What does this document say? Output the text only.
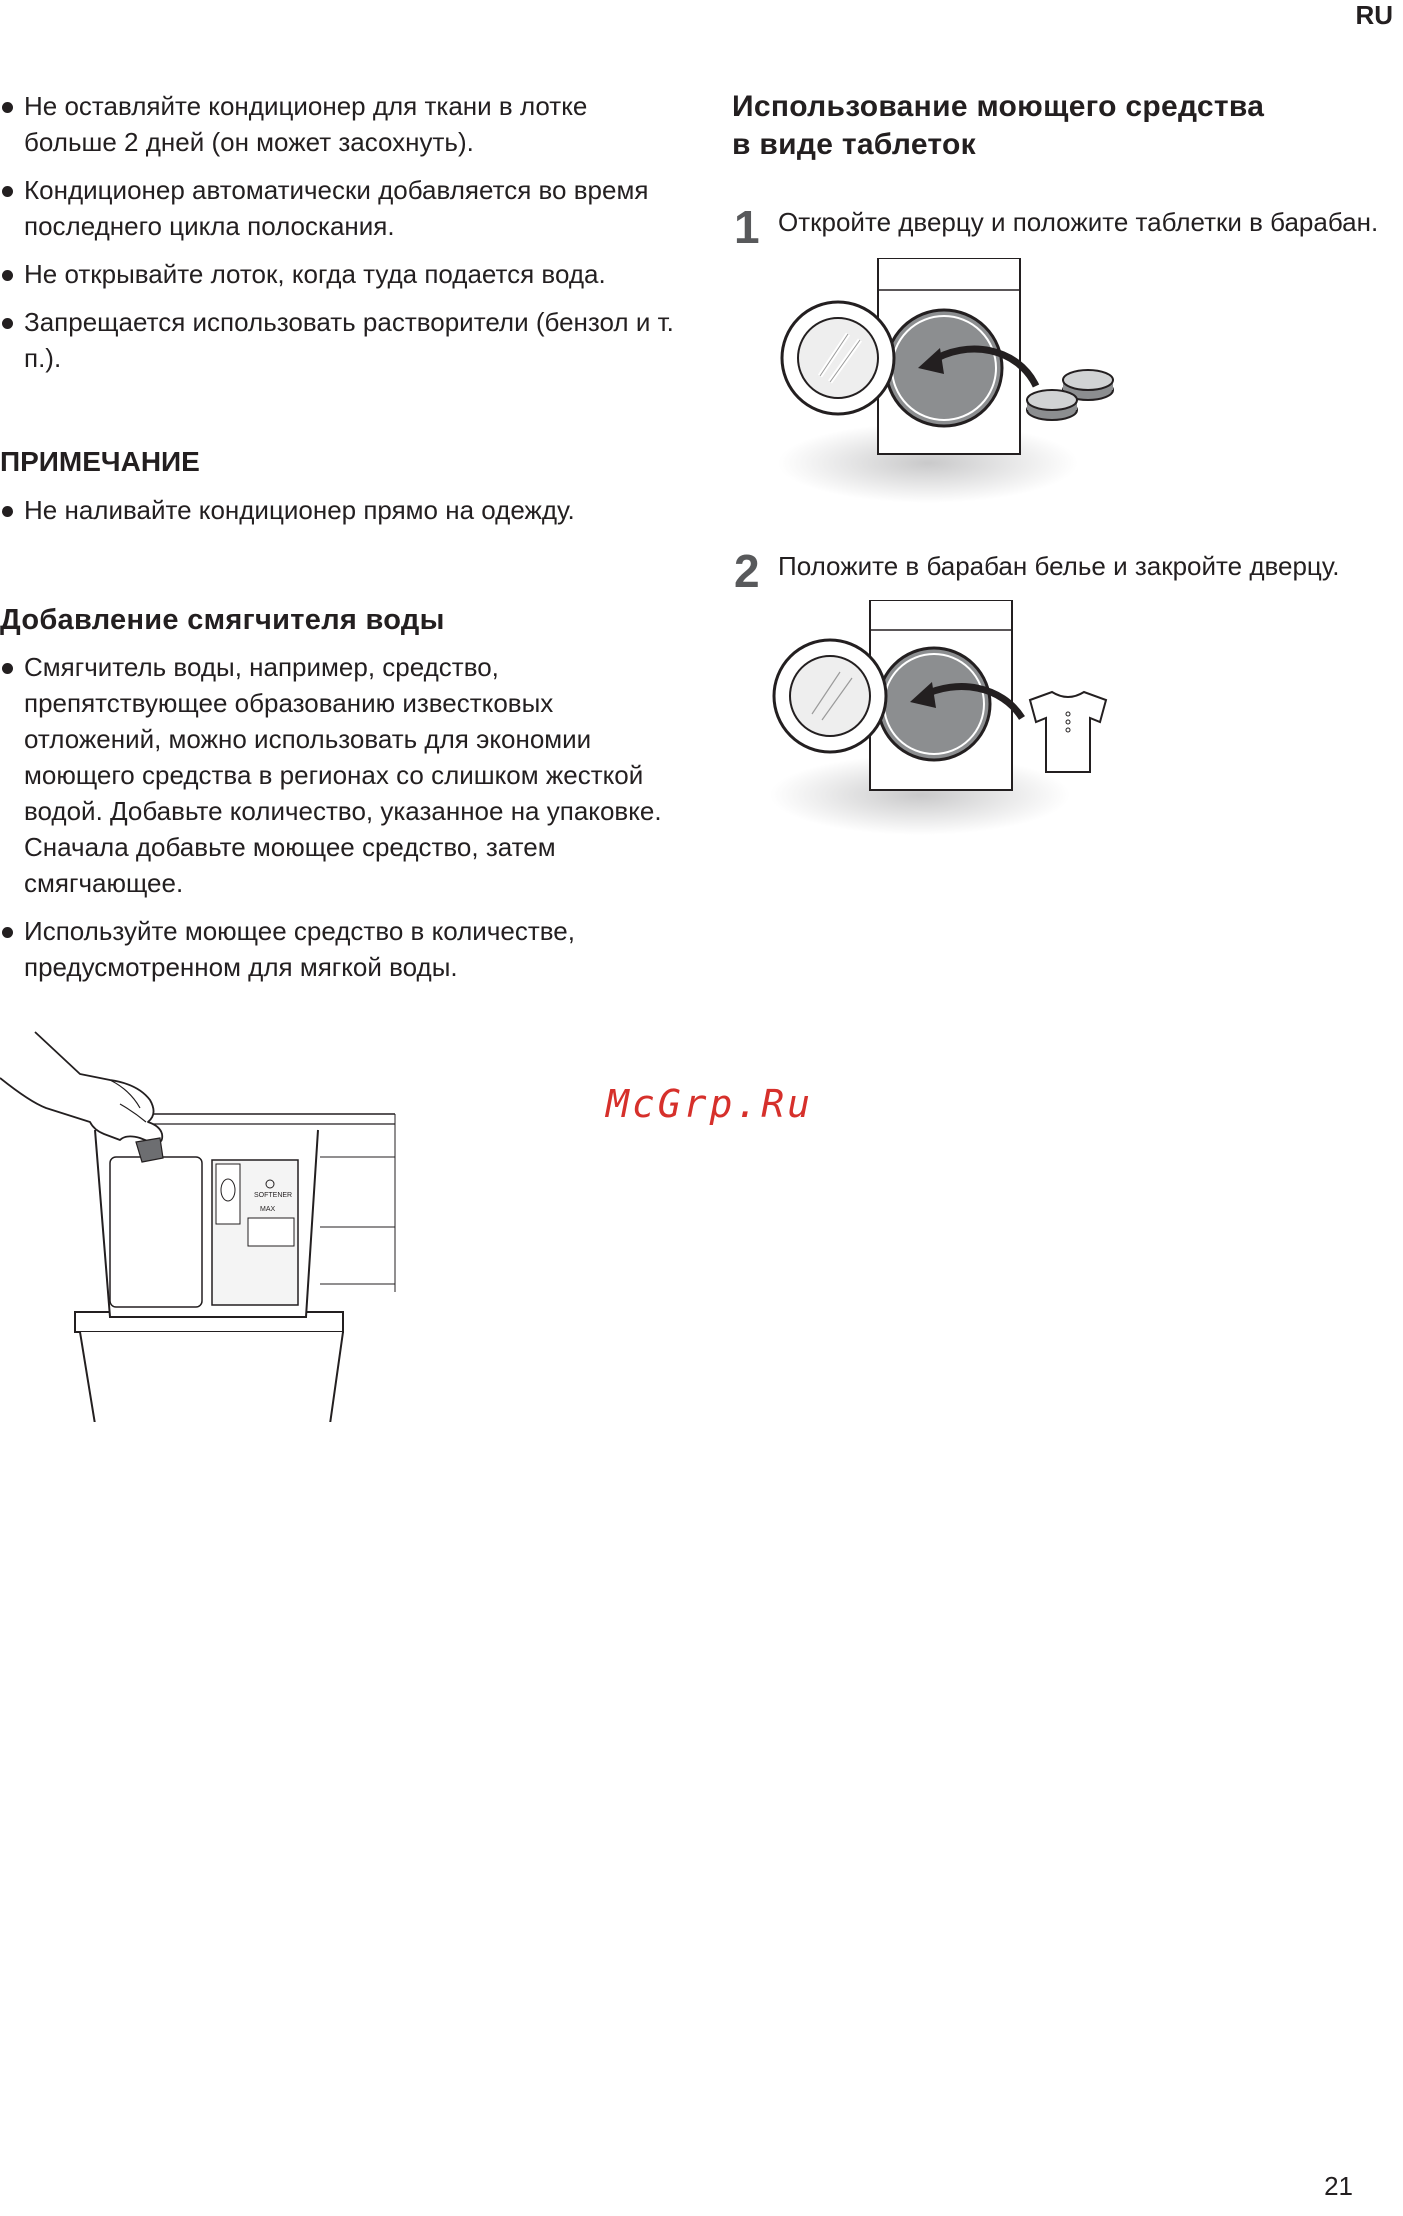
RU
Не оставляйте кондиционер для ткани в лотке больше 2 дней (он может засохнуть).
Кондиционер автоматически добавляется во время последнего цикла полоскания.
Не открывайте лоток, когда туда подается вода.
Запрещается использовать растворители (бензол и т. п.).
ПРИМЕЧАНИЕ
Не наливайте кондиционер прямо на одежду.
Добавление смягчителя воды
Смягчитель воды, например, средство, препятствующее образованию известковых отложений, можно использовать для экономии моющего средства в регионах со слишком жесткой водой. Добавьте количество, указанное на упаковке. Сначала добавьте моющее средство, затем смягчающее.
Используйте моющее средство в количестве, предусмотренном для мягкой воды.
Использование моющего средства
в виде таблеток
1 Откройте дверцу и положите таблетки в барабан.
2 Положите в барабан белье и закройте дверцу.
McGrp.Ru
SOFTENER
MAX
21
